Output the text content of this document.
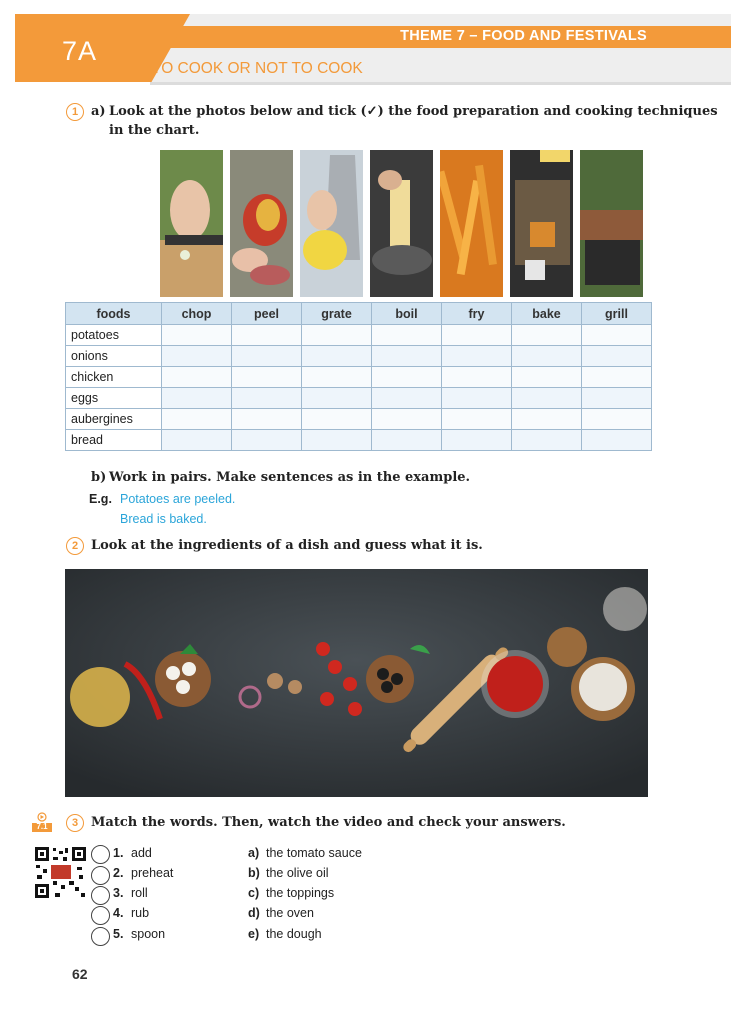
7A	THEME 7 – FOOD AND FESTIVALS
TO COOK OR NOT TO COOK
1 a) Look at the photos below and tick (✓) the food preparation and cooking techniques
in the chart.
foods	chop	peel	grate	boil	fry	bake	grill
potatoes							
onions							
chicken							
eggs							
aubergines							
bread							
b) Work in pairs. Make sentences as in the example.
E.g. Potatoes are peeled.
Bread is baked.
2 Look at the ingredients of a dish and guess what it is.
7.1	3 Match the words. Then, watch the video and check your answers.
1. add	a) the tomato sauce
2. preheat	b) the olive oil
3. roll	c) the toppings
4. rub	d) the oven
5. spoon	e) the dough
62
